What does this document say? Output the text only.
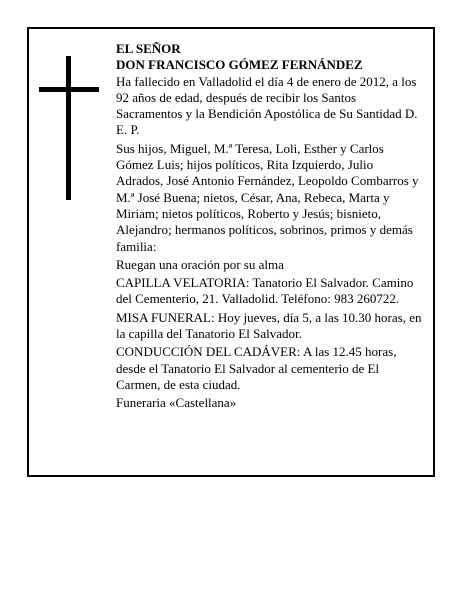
EL SEÑOR

DON FRANCISCO GÓMEZ FERNÁNDEZ

Ha fallecido en Valladolid el día 4 de enero de 2012, a los 92 años de edad, después de recibir los Santos Sacramentos y la Bendición Apostólica de Su Santidad D. E. P.

Sus hijos, Miguel, M.ª Teresa, Loli, Esther y Carlos Gómez Luis; hijos políticos, Rita Izquierdo, Julio Adrados, José Antonio Fernández, Leopoldo Combarros y M.ª José Buena; nietos, César, Ana, Rebeca, Marta y Miriam; nietos políticos, Roberto y Jesús; bisnieto, Alejandro; hermanos políticos, sobrinos, primos y demás familia:

Ruegan una oración por su alma

CAPILLA VELATORIA: Tanatorio El Salvador. Camino del Cementerio, 21. Valladolid. Teléfono: 983 260722.

MISA FUNERAL: Hoy jueves, día 5, a las 10.30 horas, en la capilla del Tanatorio El Salvador.

CONDUCCIÓN DEL CADÁVER: A las 12.45 horas, desde el Tanatorio El Salvador al cementerio de El Carmen, de esta ciudad.

Funeraria «Castellana»
